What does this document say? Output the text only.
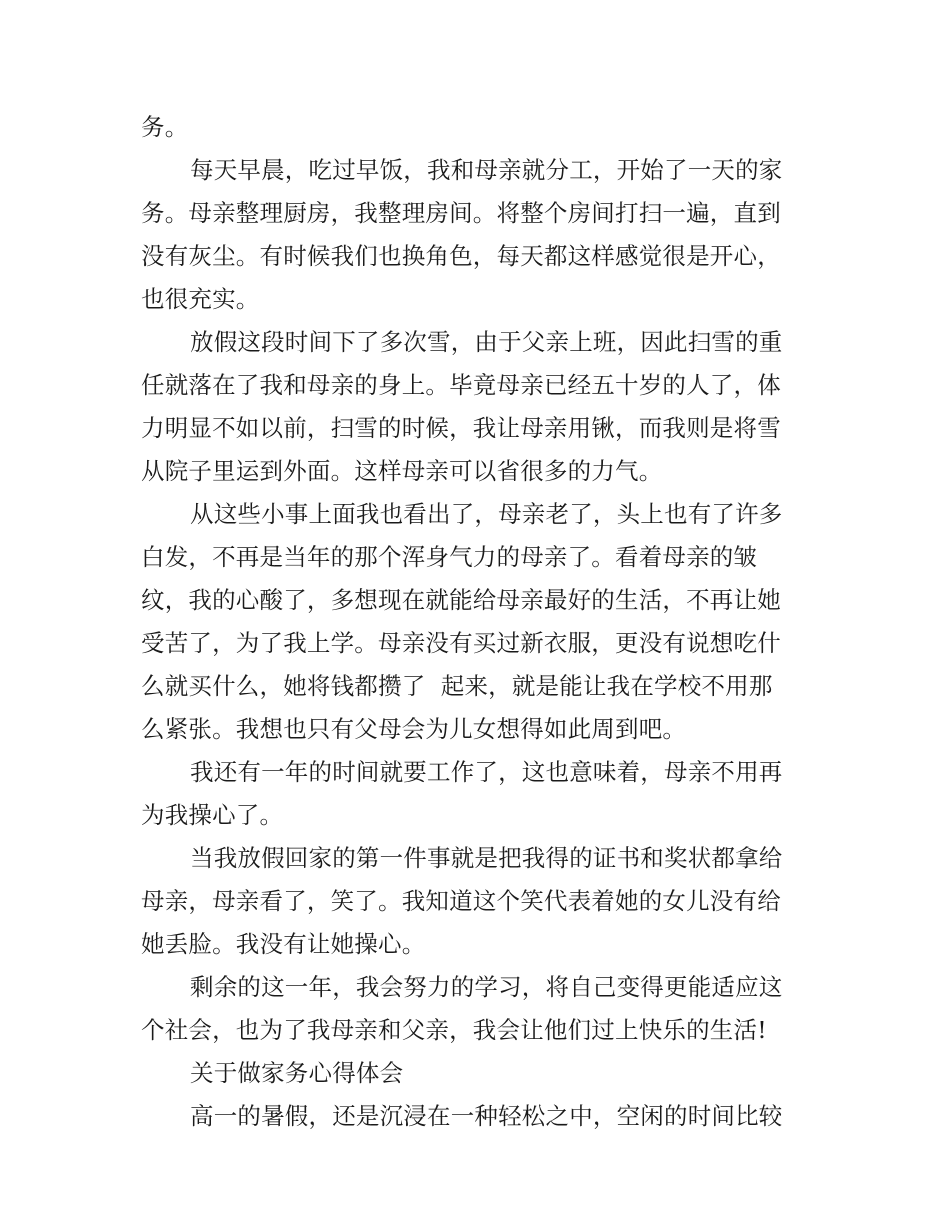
务。
每天早晨，吃过早饭，我和母亲就分工，开始了一天的家
务。母亲整理厨房，我整理房间。将整个房间打扫一遍，直到
没有灰尘。有时候我们也换角色，每天都这样感觉很是开心，
也很充实。
放假这段时间下了多次雪，由于父亲上班，因此扫雪的重
任就落在了我和母亲的身上。毕竟母亲已经五十岁的人了，体
力明显不如以前，扫雪的时候，我让母亲用锹，而我则是将雪
从院子里运到外面。这样母亲可以省很多的力气。
从这些小事上面我也看出了，母亲老了，头上也有了许多
白发，不再是当年的那个浑身气力的母亲了。看着母亲的皱
纹，我的心酸了，多想现在就能给母亲最好的生活，不再让她
受苦了，为了我上学。母亲没有买过新衣服，更没有说想吃什
么就买什么，她将钱都攒了  起来，就是能让我在学校不用那
么紧张。我想也只有父母会为儿女想得如此周到吧。
我还有一年的时间就要工作了，这也意味着，母亲不用再
为我操心了。
当我放假回家的第一件事就是把我得的证书和奖状都拿给
母亲，母亲看了，笑了。我知道这个笑代表着她的女儿没有给
她丢脸。我没有让她操心。
剩余的这一年，我会努力的学习，将自己变得更能适应这
个社会，也为了我母亲和父亲，我会让他们过上快乐的生活!
关于做家务心得体会
高一的暑假，还是沉浸在一种轻松之中，空闲的时间比较
